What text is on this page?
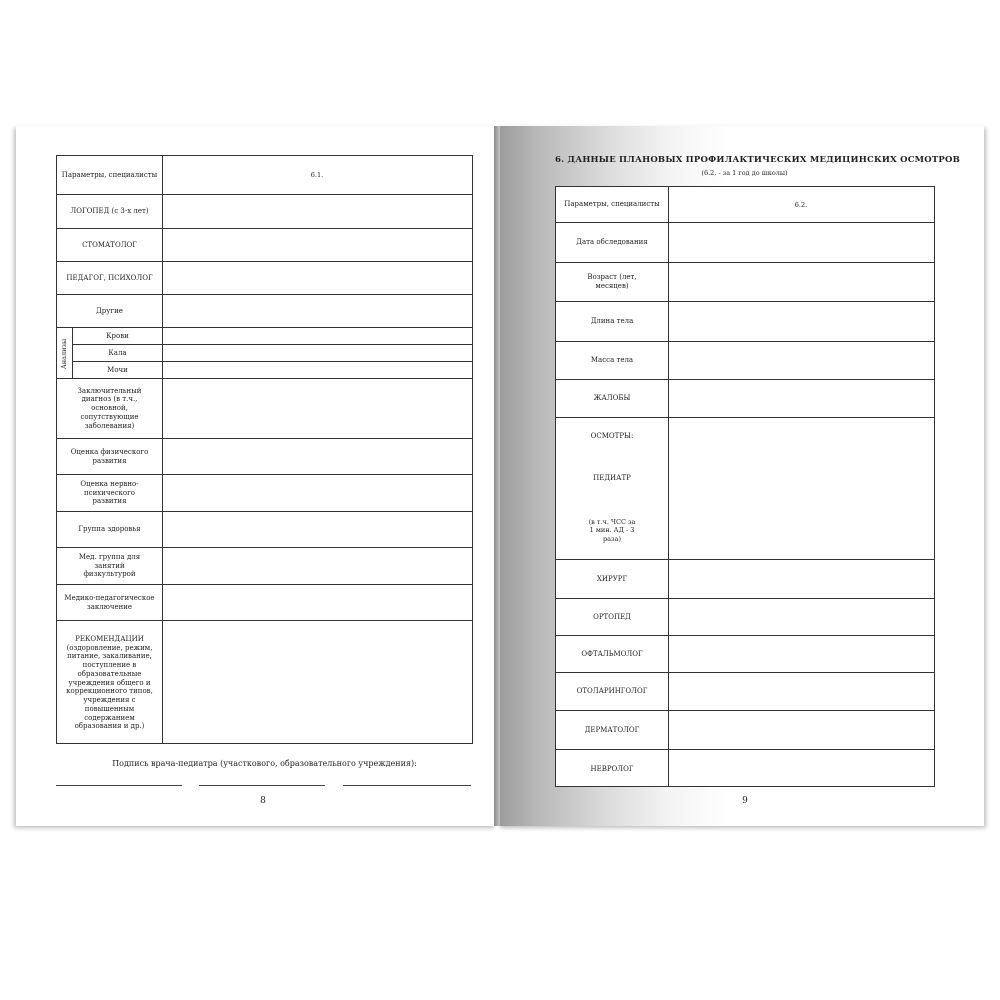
Параметры, специалисты	6.1.
ЛОГОПЕД (с 3-х лет)
СТОМАТОЛОГ
ПЕДАГОГ, ПСИХОЛОГ
Другие
Анализы
Крови
Кала
Мочи
Заключительный диагноз (в т.ч., основной, сопутствующие заболевания)
Оценка физического развития
Оценка нервно-психического развития
Группа здоровья
Мед. группа для занятий физкультурой
Медико-педагогическое заключение
РЕКОМЕНДАЦИИ (оздоровление, режим, питание, закаливание, поступление в образовательные учреждения общего и коррекционного типов, учреждения с повышенным содержанием образования и др.)
Подпись врача-педиатра (участкового, образовательного учреждения):
8
6. ДАННЫЕ ПЛАНОВЫХ ПРОФИЛАКТИЧЕСКИХ МЕДИЦИНСКИХ ОСМОТРОВ
(6.2. - за 1 год до школы)
Параметры, специалисты	6.2.
Дата обследования
Возраст (лет, месяцев)
Длина тела
Масса тела
ЖАЛОБЫ
ОСМОТРЫ:
ПЕДИАТР
(в т.ч. ЧСС за 1 мин. АД - 3 раза)
ХИРУРГ
ОРТОПЕД
ОФТАЛЬМОЛОГ
ОТОЛАРИНГОЛОГ
ДЕРМАТОЛОГ
НЕВРОЛОГ
9
